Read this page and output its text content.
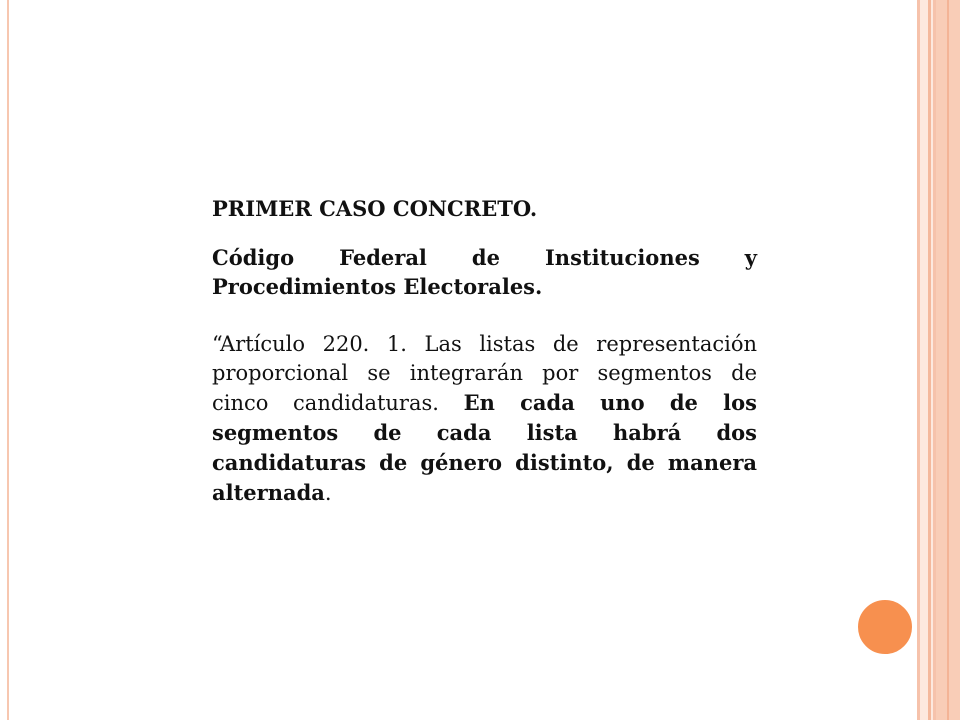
PRIMER CASO CONCRETO.

Código Federal de Instituciones y Procedimientos Electorales.

“Artículo 220. 1. Las listas de representación proporcional se integrarán por segmentos de cinco candidaturas. En cada uno de los segmentos de cada lista habrá dos candidaturas de género distinto, de manera alternada.
